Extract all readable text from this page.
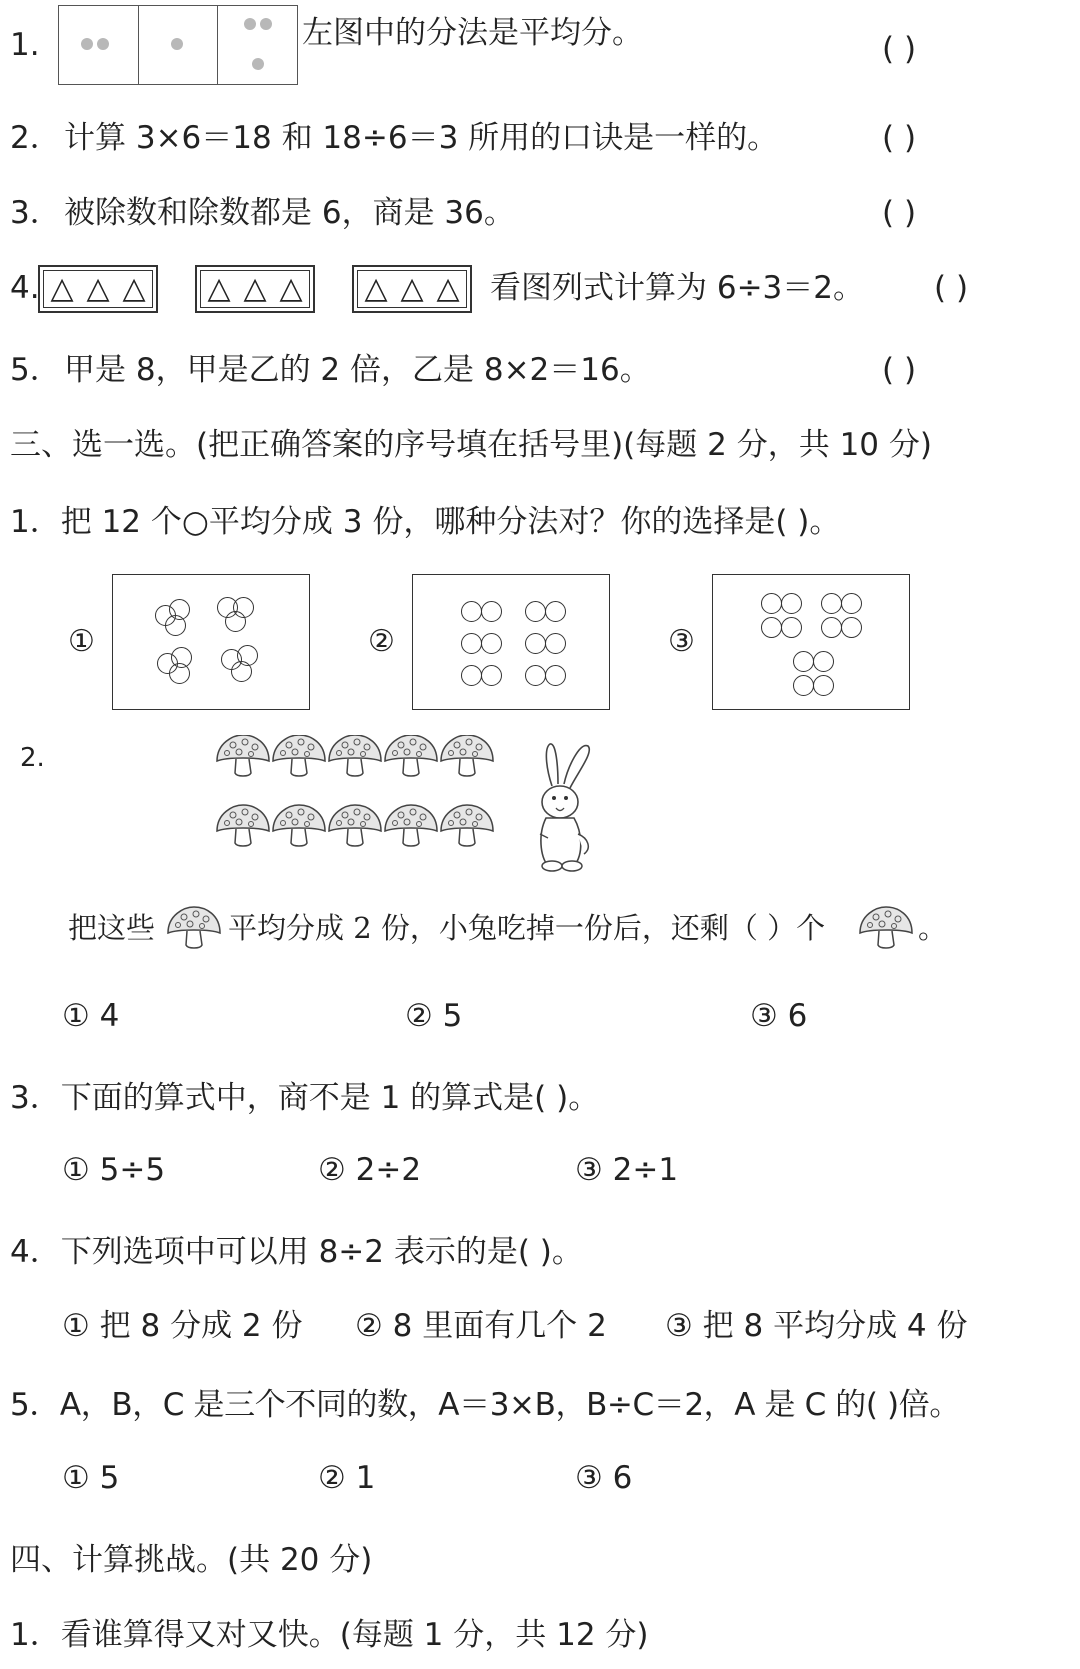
1.	左图中的分法是平均分。	( )
2． 计算 3×6＝18 和 18÷6＝3 所用的口诀是一样的。	( )
3． 被除数和除数都是 6，商是 36。	( )
4. △ △ △ △ △ △ △ △ △ 看图列式计算为 6÷3＝2。 ( )
5． 甲是 8，甲是乙的 2 倍，乙是 8×2＝16。	( )
三、选一选。(把正确答案的序号填在括号里)(每题 2 分，共 10 分)
1．把 12 个○平均分成 3 份，哪种分法对？你的选择是( )。
①	②	③
2.
把这些	平均分成 2 份，小兔吃掉一份后，还剩（ ）个	。
① 4	② 5	③ 6
3．下面的算式中，商不是 1 的算式是( )。
① 5÷5	② 2÷2	③ 2÷1
4．下列选项中可以用 8÷2 表示的是( )。
① 把 8 分成 2 份 ② 8 里面有几个 2 ③ 把 8 平均分成 4 份
5．A，B，C 是三个不同的数，A＝3×B，B÷C＝2，A 是 C 的( )倍。
① 5	② 1	③ 6
四、计算挑战。(共 20 分)
1．看谁算得又对又快。(每题 1 分，共 12 分)
